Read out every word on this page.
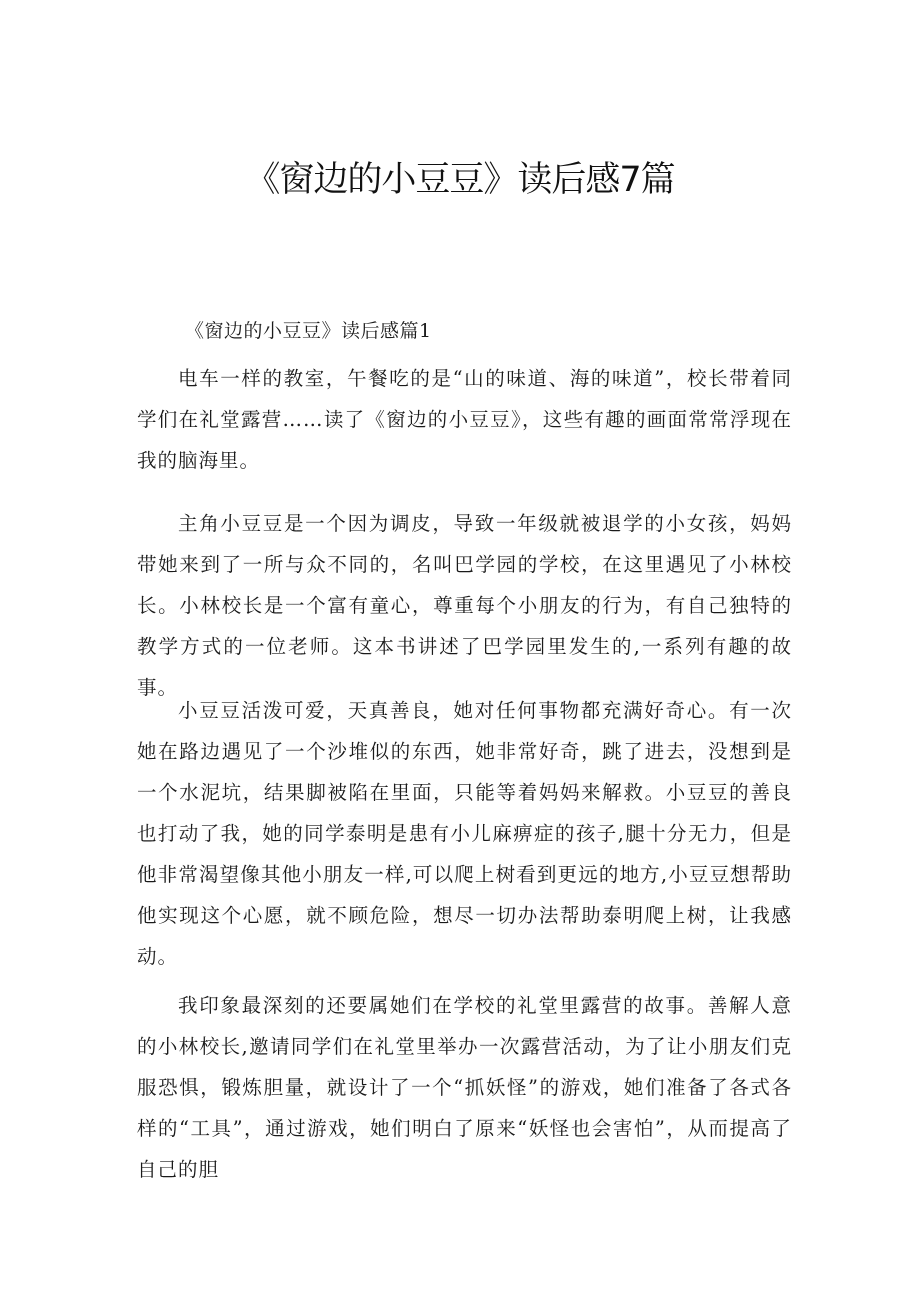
《窗边的小豆豆》读后感7篇
《窗边的小豆豆》读后感篇1

电车一样的教室，午餐吃的是“山的味道、海的味道”，校长带着同学们在礼堂露营……读了《窗边的小豆豆》，这些有趣的画面常常浮现在我的脑海里。

主角小豆豆是一个因为调皮，导致一年级就被退学的小女孩，妈妈带她来到了一所与众不同的，名叫巴学园的学校，在这里遇见了小林校长。小林校长是一个富有童心，尊重每个小朋友的行为，有自己独特的教学方式的一位老师。这本书讲述了巴学园里发生的,一系列有趣的故事。

小豆豆活泼可爱，天真善良，她对任何事物都充满好奇心。有一次她在路边遇见了一个沙堆似的东西，她非常好奇，跳了进去，没想到是一个水泥坑，结果脚被陷在里面，只能等着妈妈来解救。小豆豆的善良也打动了我，她的同学泰明是患有小儿麻痹症的孩子,腿十分无力，但是他非常渴望像其他小朋友一样,可以爬上树看到更远的地方,小豆豆想帮助他实现这个心愿，就不顾危险，想尽一切办法帮助泰明爬上树，让我感动。

我印象最深刻的还要属她们在学校的礼堂里露营的故事。善解人意的小林校长,邀请同学们在礼堂里举办一次露营活动，为了让小朋友们克服恐惧，锻炼胆量，就设计了一个“抓妖怪”的游戏，她们准备了各式各样的“工具”，通过游戏，她们明白了原来“妖怪也会害怕”，从而提高了自己的胆
